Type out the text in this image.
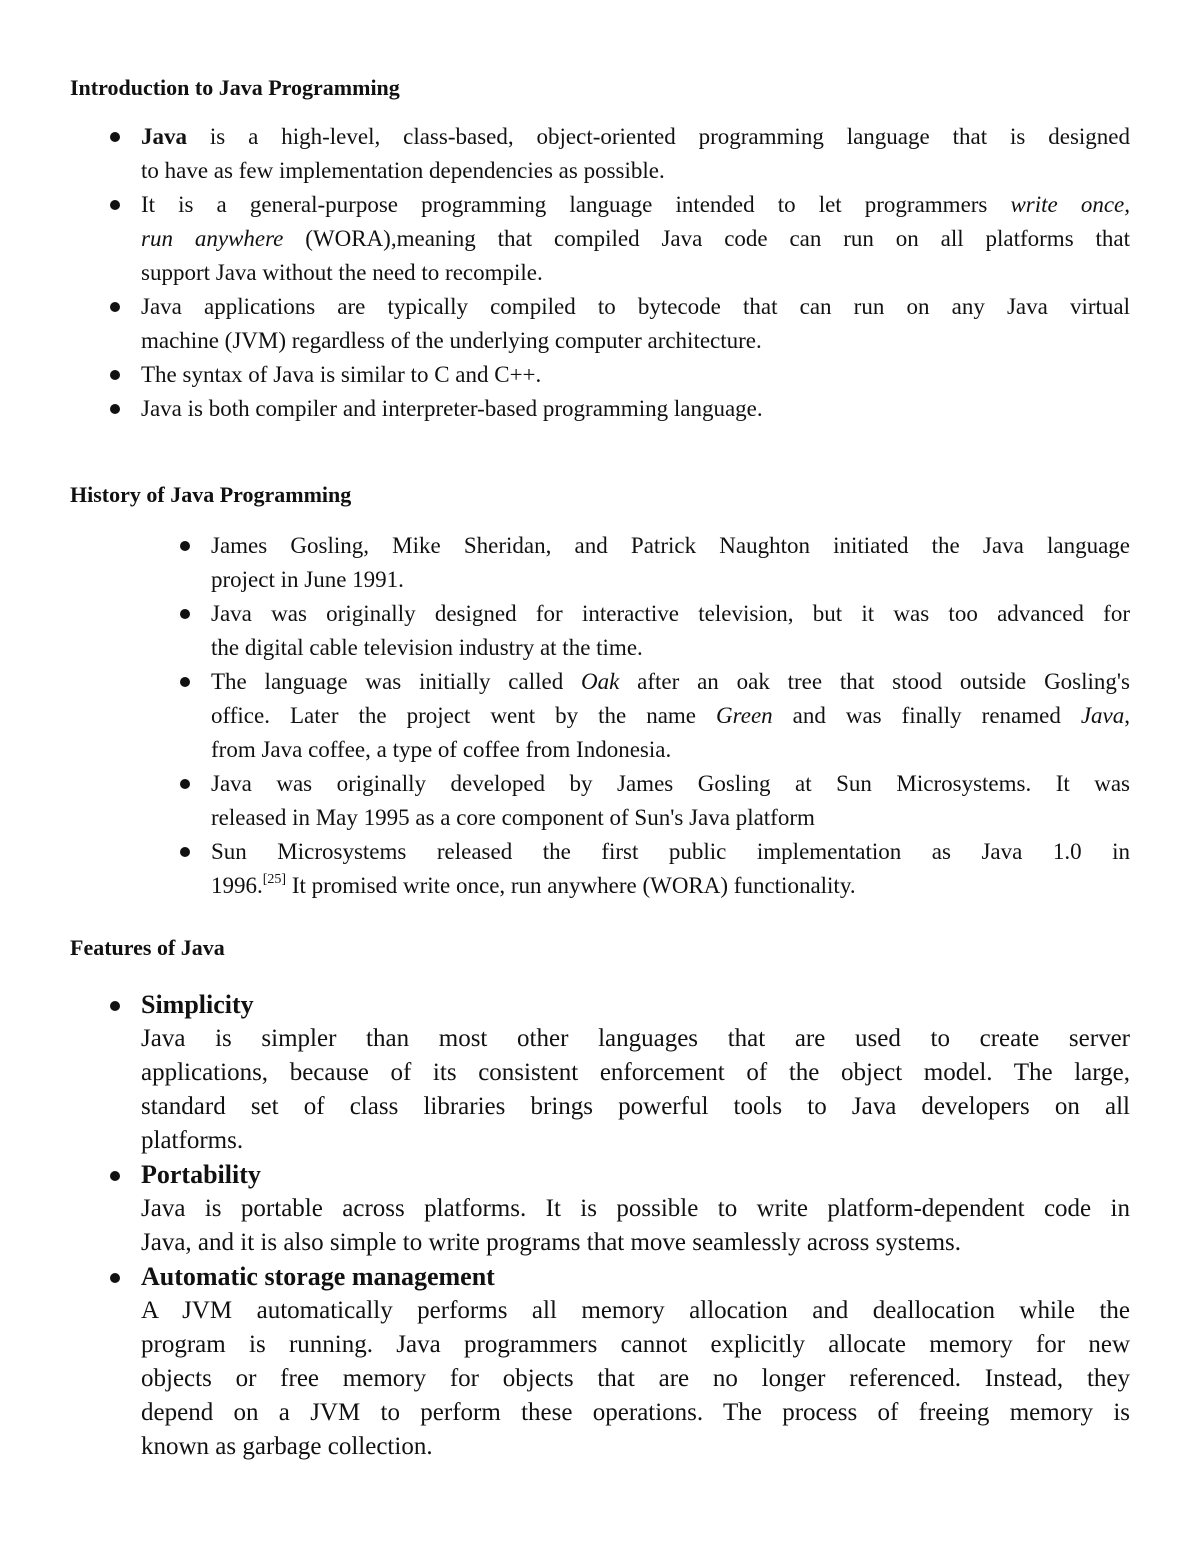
Introduction to Java Programming
Java is a high-level, class-based, object-oriented programming language that is designed
to have as few implementation dependencies as possible.
It is a general-purpose programming language intended to let programmers write once,
run anywhere (WORA),meaning that compiled Java code can run on all platforms that
support Java without the need to recompile.
Java applications are typically compiled to bytecode that can run on any Java virtual
machine (JVM) regardless of the underlying computer architecture.
The syntax of Java is similar to C and C++.
Java is both compiler and interpreter-based programming language.
History of Java Programming
James Gosling, Mike Sheridan, and Patrick Naughton initiated the Java language
project in June 1991.
Java was originally designed for interactive television, but it was too advanced for
the digital cable television industry at the time.
The language was initially called Oak after an oak tree that stood outside Gosling's
office. Later the project went by the name Green and was finally renamed Java,
from Java coffee, a type of coffee from Indonesia.
Java was originally developed by James Gosling at Sun Microsystems. It was
released in May 1995 as a core component of Sun's Java platform
Sun Microsystems released the first public implementation as Java 1.0 in
1996.[25] It promised write once, run anywhere (WORA) functionality.
Features of Java
Simplicity
Java is simpler than most other languages that are used to create server
applications, because of its consistent enforcement of the object model. The large,
standard set of class libraries brings powerful tools to Java developers on all
platforms.
Portability
Java is portable across platforms. It is possible to write platform-dependent code in
Java, and it is also simple to write programs that move seamlessly across systems.
Automatic storage management
A JVM automatically performs all memory allocation and deallocation while the
program is running. Java programmers cannot explicitly allocate memory for new
objects or free memory for objects that are no longer referenced. Instead, they
depend on a JVM to perform these operations. The process of freeing memory is
known as garbage collection.
